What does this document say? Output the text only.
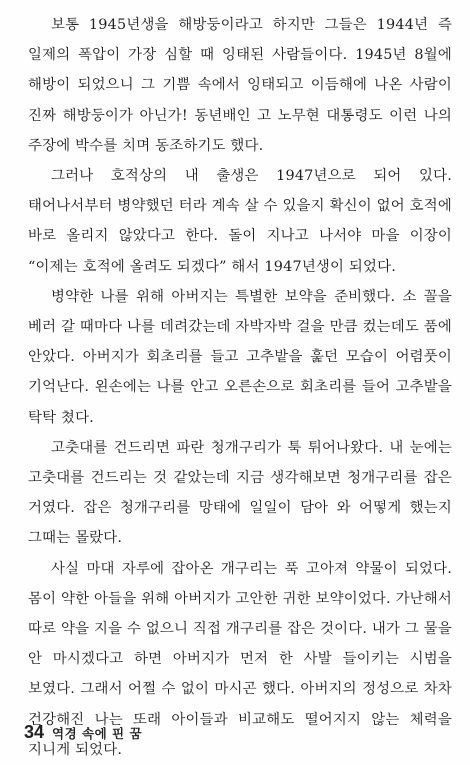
보통 1945년생을 해방둥이라고 하지만 그들은 1944년 즉 일제의 폭압이 가장 심할 때 잉태된 사람들이다. 1945년 8월에 해방이 되었으니 그 기쁨 속에서 잉태되고 이듬해에 나온 사람이 진짜 해방둥이가 아닌가! 동년배인 고 노무현 대통령도 이런 나의 주장에 박수를 치며 동조하기도 했다.

그러나 호적상의 내 출생은 1947년으로 되어 있다. 태어나서부터 병약했던 터라 계속 살 수 있을지 확신이 없어 호적에 바로 올리지 않았다고 한다. 돌이 지나고 나서야 마을 이장이 “이제는 호적에 올려도 되겠다” 해서 1947년생이 되었다.

병약한 나를 위해 아버지는 특별한 보약을 준비했다. 소 꼴을 베러 갈 때마다 나를 데려갔는데 자박자박 걸을 만큼 컸는데도 품에 안았다. 아버지가 회초리를 들고 고추밭을 훑던 모습이 어렴풋이 기억난다. 왼손에는 나를 안고 오른손으로 회초리를 들어 고추밭을 탁탁 쳤다.

고춧대를 건드리면 파란 청개구리가 툭 튀어나왔다. 내 눈에는 고춧대를 건드리는 것 같았는데 지금 생각해보면 청개구리를 잡은 거였다. 잡은 청개구리를 망태에 일일이 담아 와 어떻게 했는지 그때는 몰랐다.

사실 마대 자루에 잡아온 개구리는 푹 고아져 약물이 되었다. 몸이 약한 아들을 위해 아버지가 고안한 귀한 보약이었다. 가난해서 따로 약을 지을 수 없으니 직접 개구리를 잡은 것이다. 내가 그 물을 안 마시겠다고 하면 아버지가 먼저 한 사발 들이키는 시범을 보였다. 그래서 어쩔 수 없이 마시곤 했다. 아버지의 정성으로 차차 건강해진 나는 또래 아이들과 비교해도 떨어지지 않는 체력을 지니게 되었다.

34 역경 속에 핀 꿈
